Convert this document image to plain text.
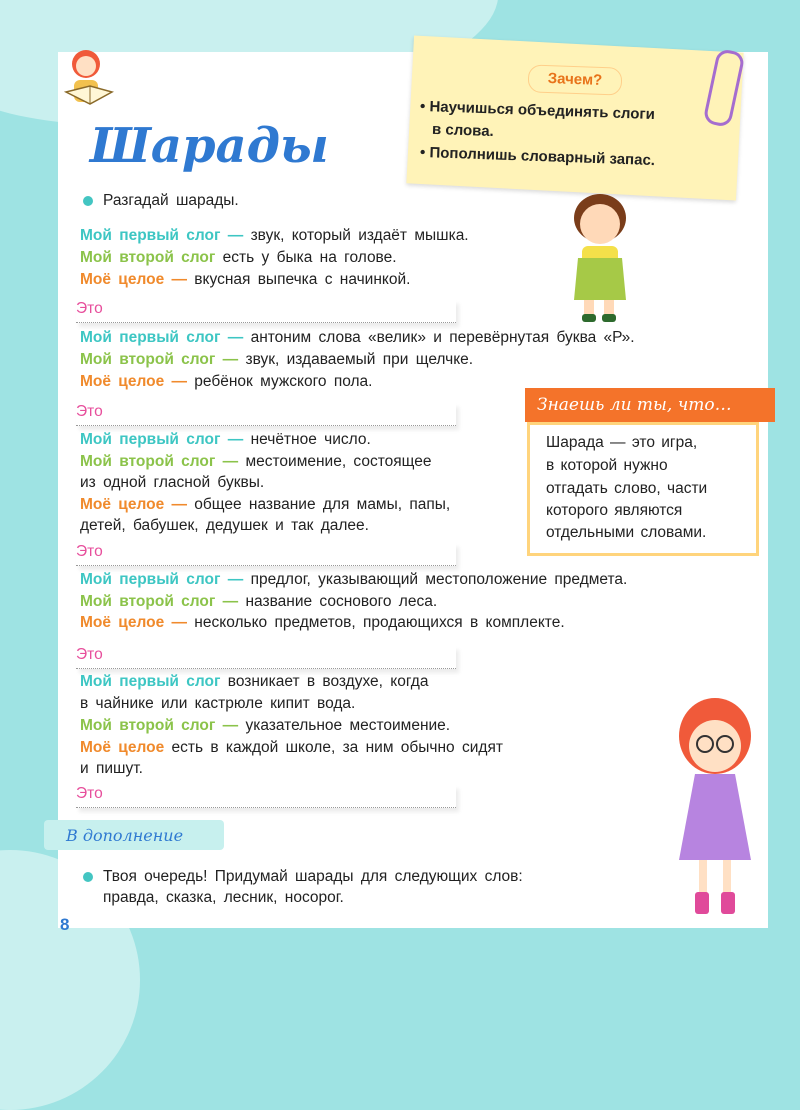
ЧТЕНИЕ
Шарады
Зачем?
• Научишься объединять слоги
в слова.
• Пополнишь словарный запас.
Разгадай шарады.
Мой первый слог — звук, который издаёт мышка.
Мой второй слог есть у быка на голове.
Моё целое — вкусная выпечка с начинкой.
Это
Мой первый слог — антоним слова «велик» и перевёрнутая буква «Р».
Мой второй слог — звук, издаваемый при щелчке.
Моё целое — ребёнок мужского пола.
Это
Мой первый слог — нечётное число.
Мой второй слог — местоимение, состоящее
из одной гласной буквы.
Моё целое — общее название для мамы, папы,
детей, бабушек, дедушек и так далее.
Это
Мой первый слог — предлог, указывающий местоположение предмета.
Мой второй слог — название соснового леса.
Моё целое — несколько предметов, продающихся в комплекте.
Это
Мой первый слог возникает в воздухе, когда
в чайнике или кастрюле кипит вода.
Мой второй слог — указательное местоимение.
Моё целое есть в каждой школе, за ним обычно сидят
и пишут.
Это
Знаешь ли ты, что…
Шарада — это игра,
в которой нужно
отгадать слово, части
которого являются
отдельными словами.
В дополнение
Твоя очередь! Придумай шарады для следующих слов:
правда, сказка, лесник, носорог.
8
